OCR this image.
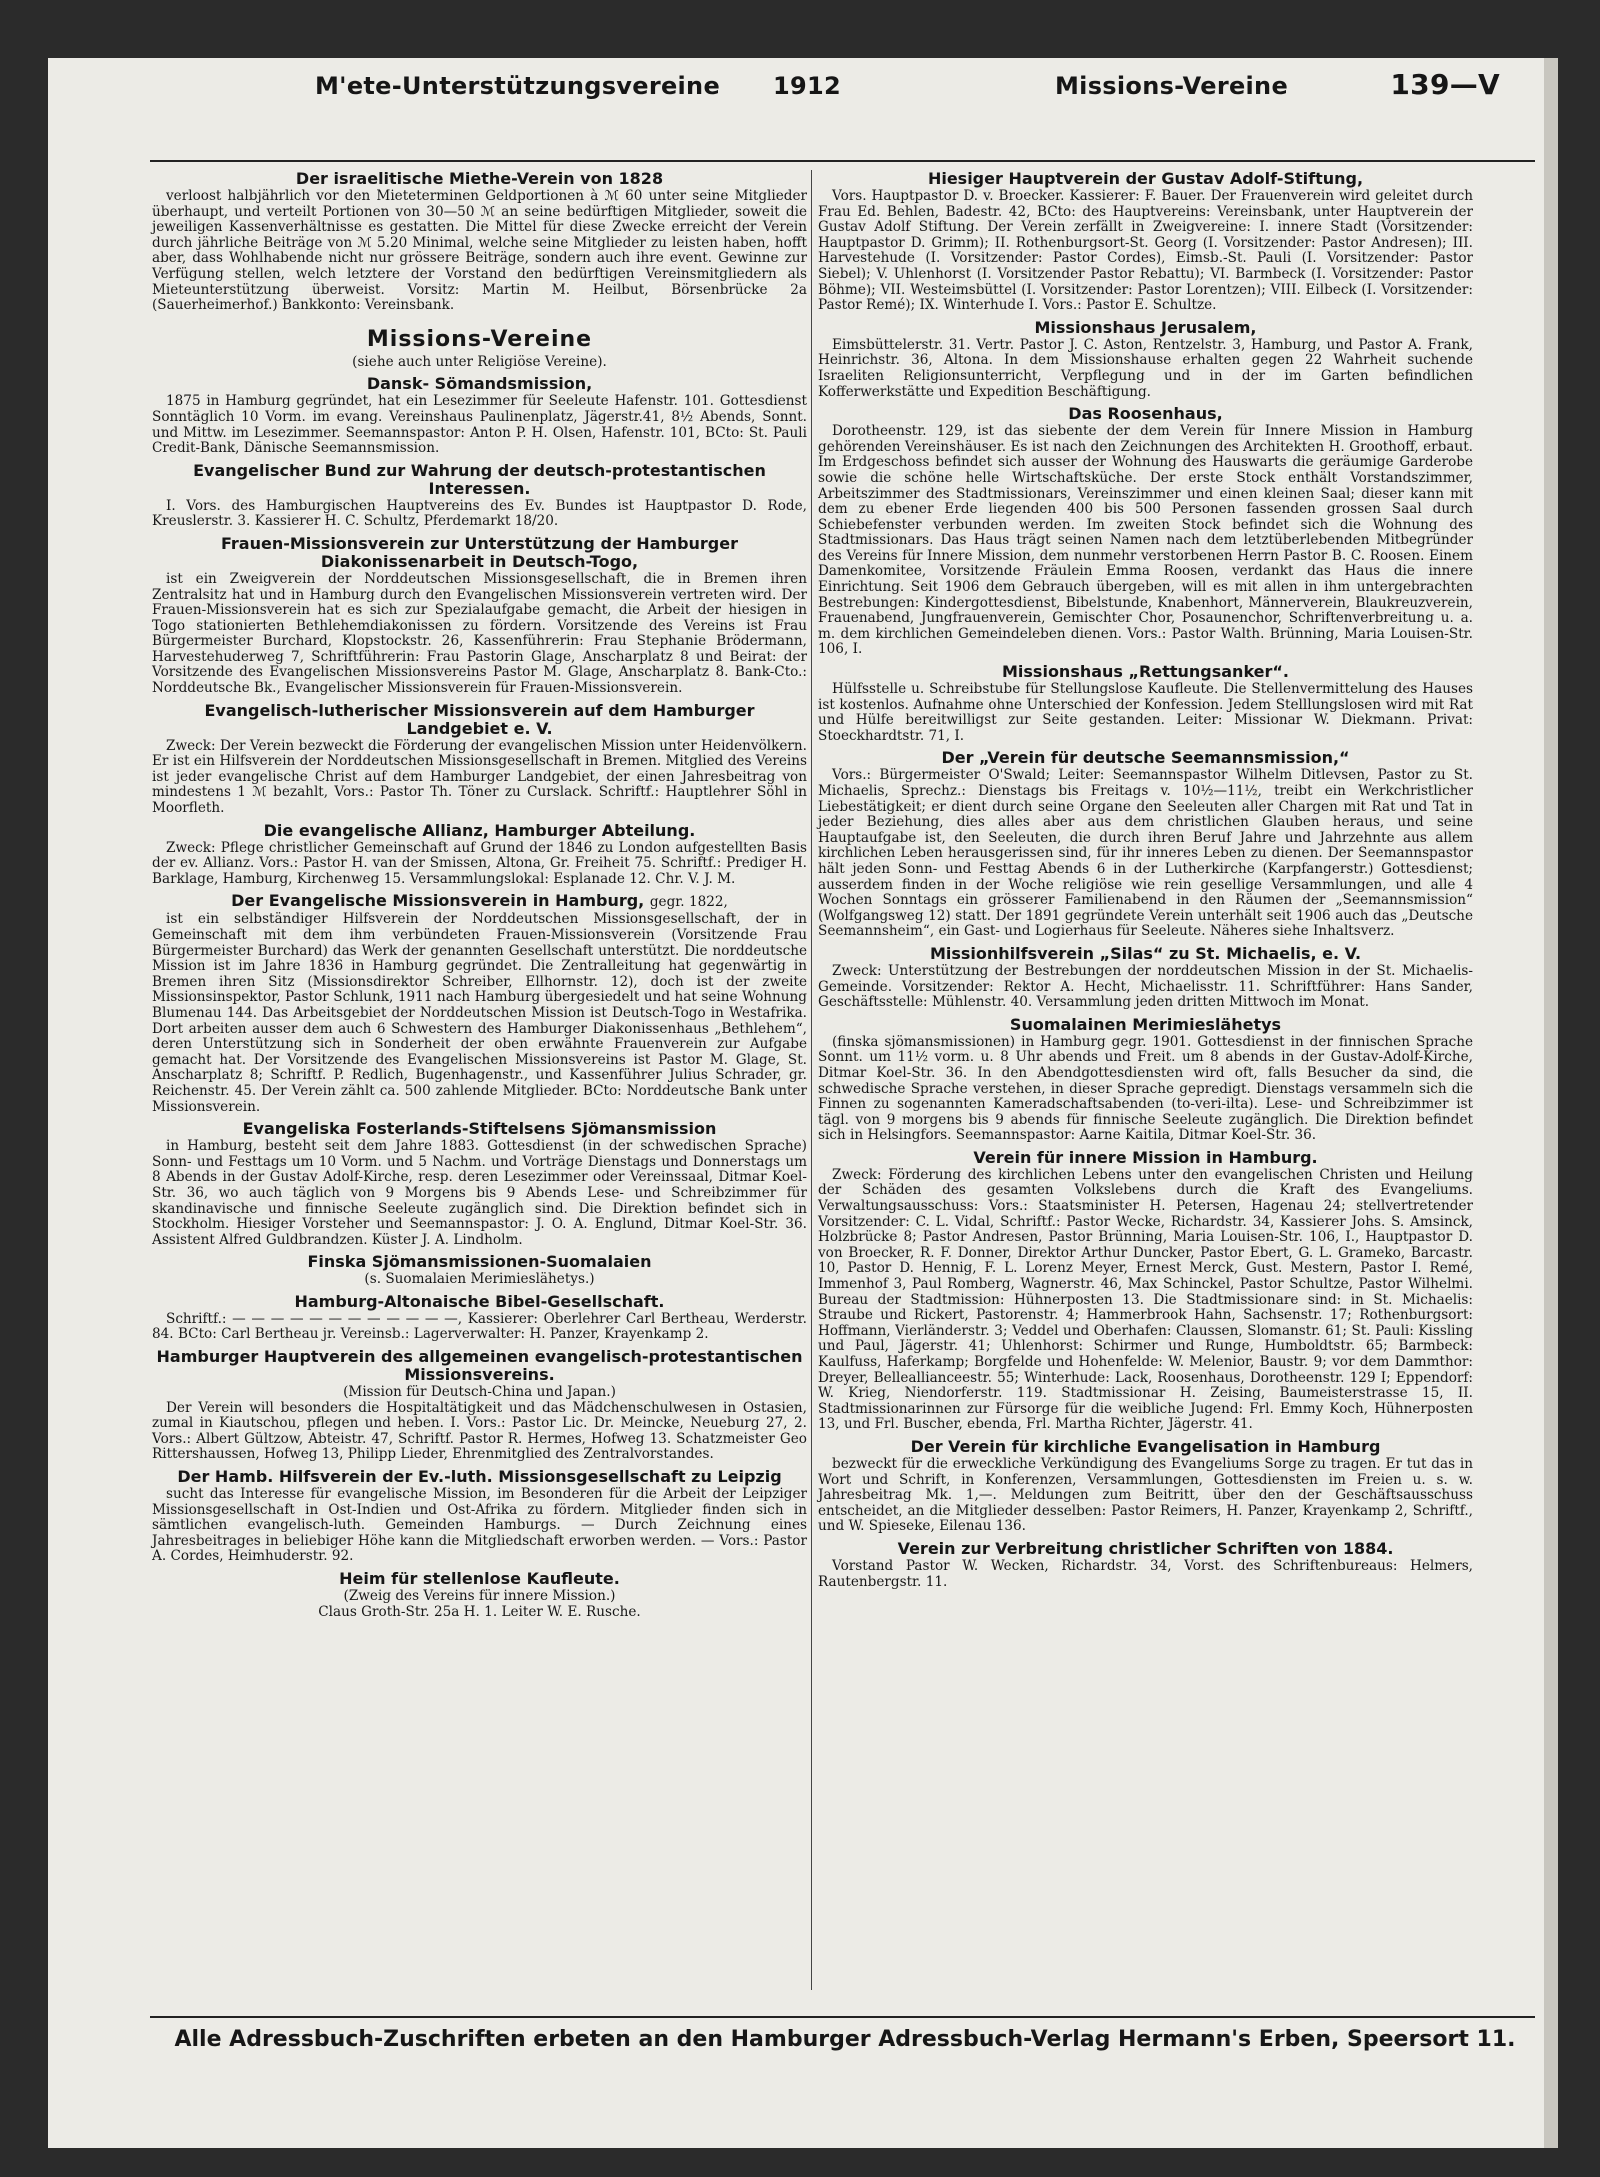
M'ete-Unterstützungsvereine 1912	Missions-Vereine	139—V
Der israelitische Miethe-Verein von 1828

verloost halbjährlich vor den Mieteterminen Geldportionen à ℳ 60 unter seine Mitglieder überhaupt, und verteilt Portionen von 30—50 ℳ an seine bedürftigen Mitglieder, soweit die jeweiligen Kassenverhältnisse es gestatten. Die Mittel für diese Zwecke erreicht der Verein durch jährliche Beiträge von ℳ 5.20 Minimal, welche seine Mitglieder zu leisten haben, hofft aber, dass Wohlhabende nicht nur grössere Beiträge, sondern auch ihre event. Gewinne zur Verfügung stellen, welch letztere der Vorstand den bedürftigen Vereinsmitgliedern als Mieteunterstützung überweist. Vorsitz: Martin M. Heilbut, Börsenbrücke 2a (Sauerheimerhof.) Bankkonto: Vereinsbank.

Missions-Vereine
(siehe auch unter Religiöse Vereine).
Dansk- Sömandsmission,

1875 in Hamburg gegründet, hat ein Lesezimmer für Seeleute Hafenstr. 101. Gottesdienst Sonntäglich 10 Vorm. im evang. Vereinshaus Paulinenplatz, Jägerstr.41, 8½ Abends, Sonnt. und Mittw. im Lesezimmer. Seemannspastor: Anton P. H. Olsen, Hafenstr. 101, BCto: St. Pauli Credit-Bank, Dänische Seemannsmission.

Evangelischer Bund zur Wahrung der deutsch-protestantischen Interessen.

I. Vors. des Hamburgischen Hauptvereins des Ev. Bundes ist Hauptpastor D. Rode, Kreuslerstr. 3. Kassierer H. C. Schultz, Pferdemarkt 18/20.

Frauen-Missionsverein zur Unterstützung der Hamburger Diakonissenarbeit in Deutsch-Togo,

ist ein Zweigverein der Norddeutschen Missionsgesellschaft, die in Bremen ihren Zentralsitz hat und in Hamburg durch den Evangelischen Missionsverein vertreten wird. Der Frauen-Missionsverein hat es sich zur Spezialaufgabe gemacht, die Arbeit der hiesigen in Togo stationierten Bethlehemdiakonissen zu fördern. Vorsitzende des Vereins ist Frau Bürgermeister Burchard, Klopstockstr. 26, Kassenführerin: Frau Stephanie Brödermann, Harvestehuderweg 7, Schriftführerin: Frau Pastorin Glage, Anscharplatz 8 und Beirat: der Vorsitzende des Evangelischen Missionsvereins Pastor M. Glage, Anscharplatz 8. Bank-Cto.: Norddeutsche Bk., Evangelischer Missionsverein für Frauen-Missionsverein.

Evangelisch-lutherischer Missionsverein auf dem Hamburger Landgebiet e. V.

Zweck: Der Verein bezweckt die Förderung der evangelischen Mission unter Heidenvölkern. Er ist ein Hilfsverein der Norddeutschen Missionsgesellschaft in Bremen. Mitglied des Vereins ist jeder evangelische Christ auf dem Hamburger Landgebiet, der einen Jahresbeitrag von mindestens 1 ℳ bezahlt, Vors.: Pastor Th. Töner zu Curslack. Schriftf.: Hauptlehrer Söhl in Moorfleth.

Die evangelische Allianz, Hamburger Abteilung.

Zweck: Pflege christlicher Gemeinschaft auf Grund der 1846 zu London aufgestellten Basis der ev. Allianz. Vors.: Pastor H. van der Smissen, Altona, Gr. Freiheit 75. Schriftf.: Prediger H. Barklage, Hamburg, Kirchenweg 15. Versammlungslokal: Esplanade 12. Chr. V. J. M.

Der Evangelische Missionsverein in Hamburg, gegr. 1822,

ist ein selbständiger Hilfsverein der Norddeutschen Missionsgesellschaft, der in Gemeinschaft mit dem ihm verbündeten Frauen-Missionsverein (Vorsitzende Frau Bürgermeister Burchard) das Werk der genannten Gesellschaft unterstützt. Die norddeutsche Mission ist im Jahre 1836 in Hamburg gegründet. Die Zentralleitung hat gegenwärtig in Bremen ihren Sitz (Missionsdirektor Schreiber, Ellhornstr. 12), doch ist der zweite Missionsinspektor, Pastor Schlunk, 1911 nach Hamburg übergesiedelt und hat seine Wohnung Blumenau 144. Das Arbeitsgebiet der Norddeutschen Mission ist Deutsch-Togo in Westafrika. Dort arbeiten ausser dem auch 6 Schwestern des Hamburger Diakonissenhaus „Bethlehem“, deren Unterstützung sich in Sonderheit der oben erwähnte Frauenverein zur Aufgabe gemacht hat. Der Vorsitzende des Evangelischen Missionsvereins ist Pastor M. Glage, St. Anscharplatz 8; Schriftf. P. Redlich, Bugenhagenstr., und Kassenführer Julius Schrader, gr. Reichenstr. 45. Der Verein zählt ca. 500 zahlende Mitglieder. BCto: Norddeutsche Bank unter Missionsverein.

Evangeliska Fosterlands-Stiftelsens Sjömansmission

in Hamburg, besteht seit dem Jahre 1883. Gottesdienst (in der schwedischen Sprache) Sonn- und Festtags um 10 Vorm. und 5 Nachm. und Vorträge Dienstags und Donnerstags um 8 Abends in der Gustav Adolf-Kirche, resp. deren Lesezimmer oder Vereinssaal, Ditmar Koel-Str. 36, wo auch täglich von 9 Morgens bis 9 Abends Lese- und Schreibzimmer für skandinavische und finnische Seeleute zugänglich sind. Die Direktion befindet sich in Stockholm. Hiesiger Vorsteher und Seemannspastor: J. O. A. Englund, Ditmar Koel-Str. 36. Assistent Alfred Guldbrandzen. Küster J. A. Lindholm.

Finska Sjömansmissionen-Suomalaien
(s. Suomalaien Merimieslähetys.)
Hamburg-Altonaische Bibel-Gesellschaft.

Schriftf.: — — — — — — — — — — — —, Kassierer: Oberlehrer Carl Bertheau, Werderstr. 84. BCto: Carl Bertheau jr. Vereinsb.: Lagerverwalter: H. Panzer, Krayenkamp 2.

Hamburger Hauptverein des allgemeinen evangelisch-protestantischen Missionsvereins.
(Mission für Deutsch-China und Japan.)

Der Verein will besonders die Hospitaltätigkeit und das Mädchenschulwesen in Ostasien, zumal in Kiautschou, pflegen und heben. I. Vors.: Pastor Lic. Dr. Meincke, Neueburg 27, 2. Vors.: Albert Gültzow, Abteistr. 47, Schriftf. Pastor R. Hermes, Hofweg 13. Schatzmeister Geo Rittershaussen, Hofweg 13, Philipp Lieder, Ehrenmitglied des Zentralvorstandes.

Der Hamb. Hilfsverein der Ev.-luth. Missionsgesellschaft zu Leipzig

sucht das Interesse für evangelische Mission, im Besonderen für die Arbeit der Leipziger Missionsgesellschaft in Ost-Indien und Ost-Afrika zu fördern. Mitglieder finden sich in sämtlichen evangelisch-luth. Gemeinden Hamburgs. — Durch Zeichnung eines Jahresbeitrages in beliebiger Höhe kann die Mitgliedschaft erworben werden. — Vors.: Pastor A. Cordes, Heimhuderstr. 92.

Heim für stellenlose Kaufleute.
(Zweig des Vereins für innere Mission.)
Claus Groth-Str. 25a H. 1. Leiter W. E. Rusche.
Hiesiger Hauptverein der Gustav Adolf-Stiftung,

Vors. Hauptpastor D. v. Broecker. Kassierer: F. Bauer. Der Frauenverein wird geleitet durch Frau Ed. Behlen, Badestr. 42, BCto: des Hauptvereins: Vereinsbank, unter Hauptverein der Gustav Adolf Stiftung. Der Verein zerfällt in Zweigvereine: I. innere Stadt (Vorsitzender: Hauptpastor D. Grimm); II. Rothenburgsort-St. Georg (I. Vorsitzender: Pastor Andresen); III. Harvestehude (I. Vorsitzender: Pastor Cordes), Eimsb.-St. Pauli (I. Vorsitzender: Pastor Siebel); V. Uhlenhorst (I. Vorsitzender Pastor Rebattu); VI. Barmbeck (I. Vorsitzender: Pastor Böhme); VII. Westeimsbüttel (I. Vorsitzender: Pastor Lorentzen); VIII. Eilbeck (I. Vorsitzender: Pastor Remé); IX. Winterhude I. Vors.: Pastor E. Schultze.

Missionshaus Jerusalem,

Eimsbüttelerstr. 31. Vertr. Pastor J. C. Aston, Rentzelstr. 3, Hamburg, und Pastor A. Frank, Heinrichstr. 36, Altona. In dem Missionshause erhalten gegen 22 Wahrheit suchende Israeliten Religionsunterricht, Verpflegung und in der im Garten befindlichen Kofferwerkstätte und Expedition Beschäftigung.

Das Roosenhaus,

Dorotheenstr. 129, ist das siebente der dem Verein für Innere Mission in Hamburg gehörenden Vereinshäuser. Es ist nach den Zeichnungen des Architekten H. Groothoff, erbaut. Im Erdgeschoss befindet sich ausser der Wohnung des Hauswarts die geräumige Garderobe sowie die schöne helle Wirtschaftsküche. Der erste Stock enthält Vorstandszimmer, Arbeitszimmer des Stadtmissionars, Vereinszimmer und einen kleinen Saal; dieser kann mit dem zu ebener Erde liegenden 400 bis 500 Personen fassenden grossen Saal durch Schiebefenster verbunden werden. Im zweiten Stock befindet sich die Wohnung des Stadtmissionars. Das Haus trägt seinen Namen nach dem letztüberlebenden Mitbegründer des Vereins für Innere Mission, dem nunmehr verstorbenen Herrn Pastor B. C. Roosen. Einem Damenkomitee, Vorsitzende Fräulein Emma Roosen, verdankt das Haus die innere Einrichtung. Seit 1906 dem Gebrauch übergeben, will es mit allen in ihm untergebrachten Bestrebungen: Kindergottesdienst, Bibelstunde, Knabenhort, Männerverein, Blaukreuzverein, Frauenabend, Jungfrauenverein, Gemischter Chor, Posaunenchor, Schriftenverbreitung u. a. m. dem kirchlichen Gemeindeleben dienen. Vors.: Pastor Walth. Brünning, Maria Louisen-Str. 106, I.

Missionshaus „Rettungsanker“.

Hülfsstelle u. Schreibstube für Stellungslose Kaufleute. Die Stellenvermittelung des Hauses ist kostenlos. Aufnahme ohne Unterschied der Konfession. Jedem Stelllungslosen wird mit Rat und Hülfe bereitwilligst zur Seite gestanden. Leiter: Missionar W. Diekmann. Privat: Stoeckhardtstr. 71, I.

Der „Verein für deutsche Seemannsmission,“

Vors.: Bürgermeister O'Swald; Leiter: Seemannspastor Wilhelm Ditlevsen, Pastor zu St. Michaelis, Sprechz.: Dienstags bis Freitags v. 10½—11½, treibt ein Werkchristlicher Liebestätigkeit; er dient durch seine Organe den Seeleuten aller Chargen mit Rat und Tat in jeder Beziehung, dies alles aber aus dem christlichen Glauben heraus, und seine Hauptaufgabe ist, den Seeleuten, die durch ihren Beruf Jahre und Jahrzehnte aus allem kirchlichen Leben herausgerissen sind, für ihr inneres Leben zu dienen. Der Seemannspastor hält jeden Sonn- und Festtag Abends 6 in der Lutherkirche (Karpfangerstr.) Gottesdienst; ausserdem finden in der Woche religiöse wie rein gesellige Versammlungen, und alle 4 Wochen Sonntags ein grösserer Familienabend in den Räumen der „Seemannsmission“ (Wolfgangsweg 12) statt. Der 1891 gegründete Verein unterhält seit 1906 auch das „Deutsche Seemannsheim“, ein Gast- und Logierhaus für Seeleute. Näheres siehe Inhaltsverz.

Missionhilfsverein „Silas“ zu St. Michaelis, e. V.

Zweck: Unterstützung der Bestrebungen der norddeutschen Mission in der St. Michaelis-Gemeinde. Vorsitzender: Rektor A. Hecht, Michaelisstr. 11. Schriftführer: Hans Sander, Geschäftsstelle: Mühlenstr. 40. Versammlung jeden dritten Mittwoch im Monat.

Suomalainen Merimieslähetys

(finska sjömansmissionen) in Hamburg gegr. 1901. Gottesdienst in der finnischen Sprache Sonnt. um 11½ vorm. u. 8 Uhr abends und Freit. um 8 abends in der Gustav-Adolf-Kirche, Ditmar Koel-Str. 36. In den Abendgottesdiensten wird oft, falls Besucher da sind, die schwedische Sprache verstehen, in dieser Sprache gepredigt. Dienstags versammeln sich die Finnen zu sogenannten Kameradschaftsabenden (to-veri-ilta). Lese- und Schreibzimmer ist tägl. von 9 morgens bis 9 abends für finnische Seeleute zugänglich. Die Direktion befindet sich in Helsingfors. Seemannspastor: Aarne Kaitila, Ditmar Koel-Str. 36.

Verein für innere Mission in Hamburg.

Zweck: Förderung des kirchlichen Lebens unter den evangelischen Christen und Heilung der Schäden des gesamten Volkslebens durch die Kraft des Evangeliums. Verwaltungsausschuss: Vors.: Staatsminister H. Petersen, Hagenau 24; stellvertretender Vorsitzender: C. L. Vidal, Schriftf.: Pastor Wecke, Richardstr. 34, Kassierer Johs. S. Amsinck, Holzbrücke 8; Pastor Andresen, Pastor Brünning, Maria Louisen-Str. 106, I., Hauptpastor D. von Broecker, R. F. Donner, Direktor Arthur Duncker, Pastor Ebert, G. L. Grameko, Barcastr. 10, Pastor D. Hennig, F. L. Lorenz Meyer, Ernest Merck, Gust. Mestern, Pastor I. Remé, Immenhof 3, Paul Romberg, Wagnerstr. 46, Max Schinckel, Pastor Schultze, Pastor Wilhelmi. Bureau der Stadtmission: Hühnerposten 13. Die Stadtmissionare sind: in St. Michaelis: Straube und Rickert, Pastorenstr. 4; Hammerbrook Hahn, Sachsenstr. 17; Rothenburgsort: Hoffmann, Vierländerstr. 3; Veddel und Oberhafen: Claussen, Slomanstr. 61; St. Pauli: Kissling und Paul, Jägerstr. 41; Uhlenhorst: Schirmer und Runge, Humboldtstr. 65; Barmbeck: Kaulfuss, Haferkamp; Borgfelde und Hohenfelde: W. Melenior, Baustr. 9; vor dem Dammthor: Dreyer, Belleallianceestr. 55; Winterhude: Lack, Roosenhaus, Dorotheenstr. 129 I; Eppendorf: W. Krieg, Niendorferstr. 119. Stadtmissionar H. Zeising, Baumeisterstrasse 15, II. Stadtmissionarinnen zur Fürsorge für die weibliche Jugend: Frl. Emmy Koch, Hühnerposten 13, und Frl. Buscher, ebenda, Frl. Martha Richter, Jägerstr. 41.

Der Verein für kirchliche Evangelisation in Hamburg

bezweckt für die erweckliche Verkündigung des Evangeliums Sorge zu tragen. Er tut das in Wort und Schrift, in Konferenzen, Versammlungen, Gottesdiensten im Freien u. s. w. Jahresbeitrag Mk. 1,—. Meldungen zum Beitritt, über den der Geschäftsausschuss entscheidet, an die Mitglieder desselben: Pastor Reimers, H. Panzer, Krayenkamp 2, Schriftf., und W. Spieseke, Eilenau 136.

Verein zur Verbreitung christlicher Schriften von 1884.

Vorstand Pastor W. Wecken, Richardstr. 34, Vorst. des Schriftenbureaus: Helmers, Rautenbergstr. 11.

Alle Adressbuch-Zuschriften erbeten an den Hamburger Adressbuch-Verlag Hermann's Erben, Speersort 11.
